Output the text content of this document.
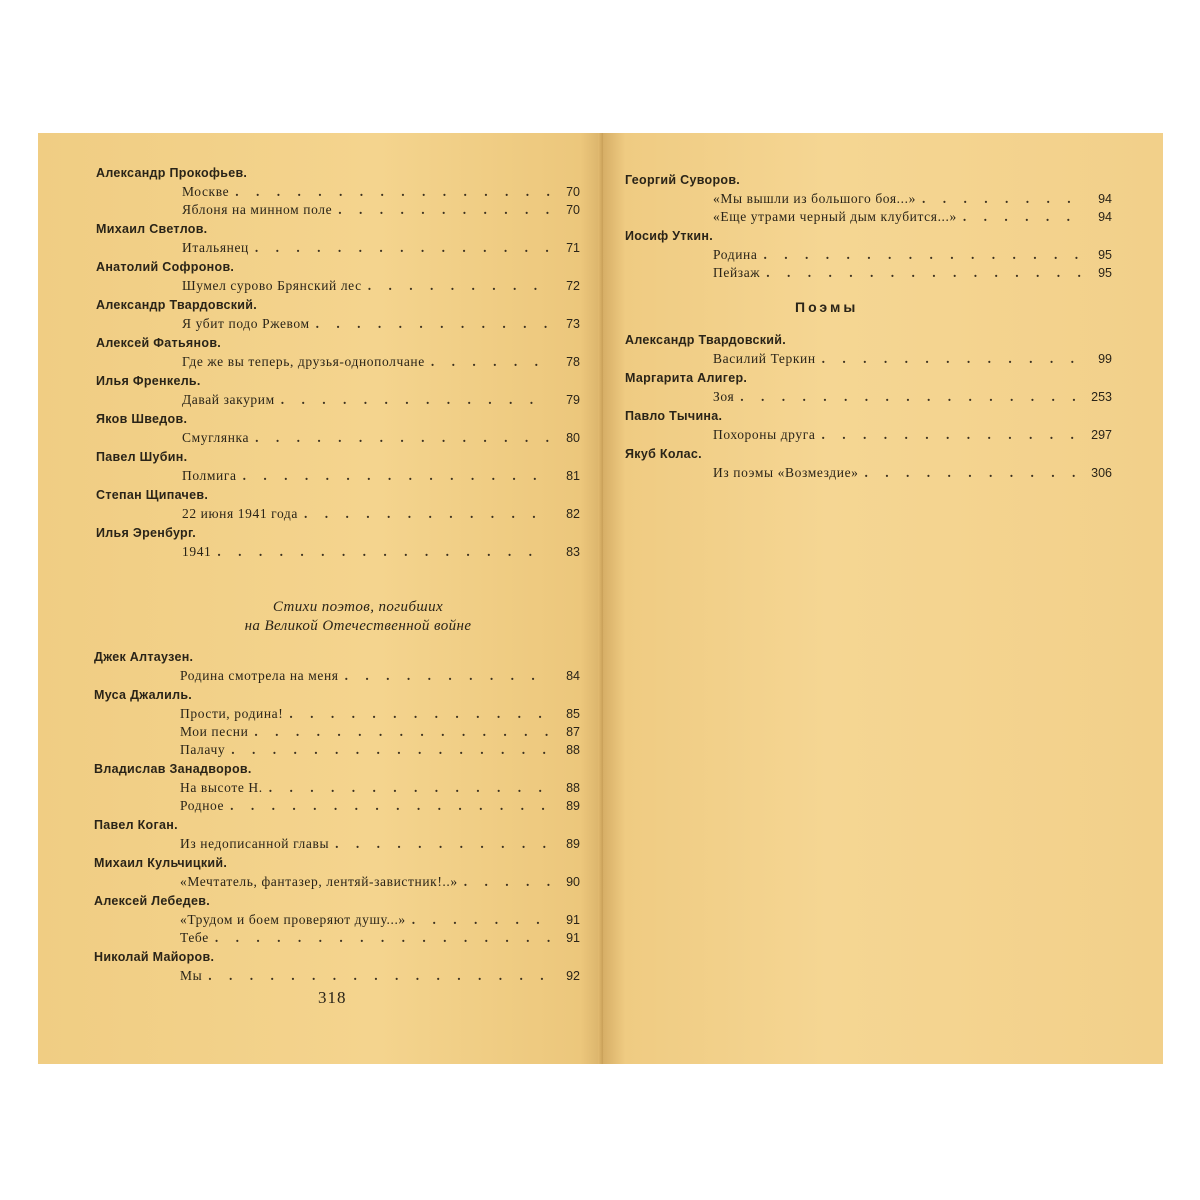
Александр Прокофьев.
Москве . . .	70
Яблоня на минном поле . . .	70
Михаил Светлов.
Итальянец . . .	71
Анатолий Софронов.
Шумел сурово Брянский лес . . .	72
Александр Твардовский.
Я убит подо Ржевом . . .	73
Алексей Фатьянов.
Где же вы теперь, друзья-однополчане . . .	78
Илья Френкель.
Давай закурим . . .	79
Яков Шведов.
Смуглянка . . .	80
Павел Шубин.
Полмига . . .	81
Степан Щипачев.
22 июня 1941 года . . .	82
Илья Эренбург.
1941 . . .	83
Стихи поэтов, погибших
на Великой Отечественной войне
Джек Алтаузен.
Родина смотрела на меня . . .	84
Муса Джалиль.
Прости, родина! . . .	85
Мои песни . . .	87
Палачу . . .	88
Владислав Занадворов.
На высоте Н. . . .	88
Родное . . .	89
Павел Коган.
Из недописанной главы . . .	89
Михаил Кульчицкий.
«Мечтатель, фантазер, лентяй-завистник!..» . . .	90
Алексей Лебедев.
«Трудом и боем проверяют душу...» . . .	91
Тебе . . .	91
Николай Майоров.
Мы . . .	92
318
Георгий Суворов.
«Мы вышли из большого боя...» . . .	94
«Еще утрами черный дым клубится...» . . .	94
Иосиф Уткин.
Родина . . .	95
Пейзаж . . .	95
Поэмы
Александр Твардовский.
Василий Теркин . . .	99
Маргарита Алигер.
Зоя . . .	253
Павло Тычина.
Похороны друга . . .	297
Якуб Колас.
Из поэмы «Возмездие» . . .	306
